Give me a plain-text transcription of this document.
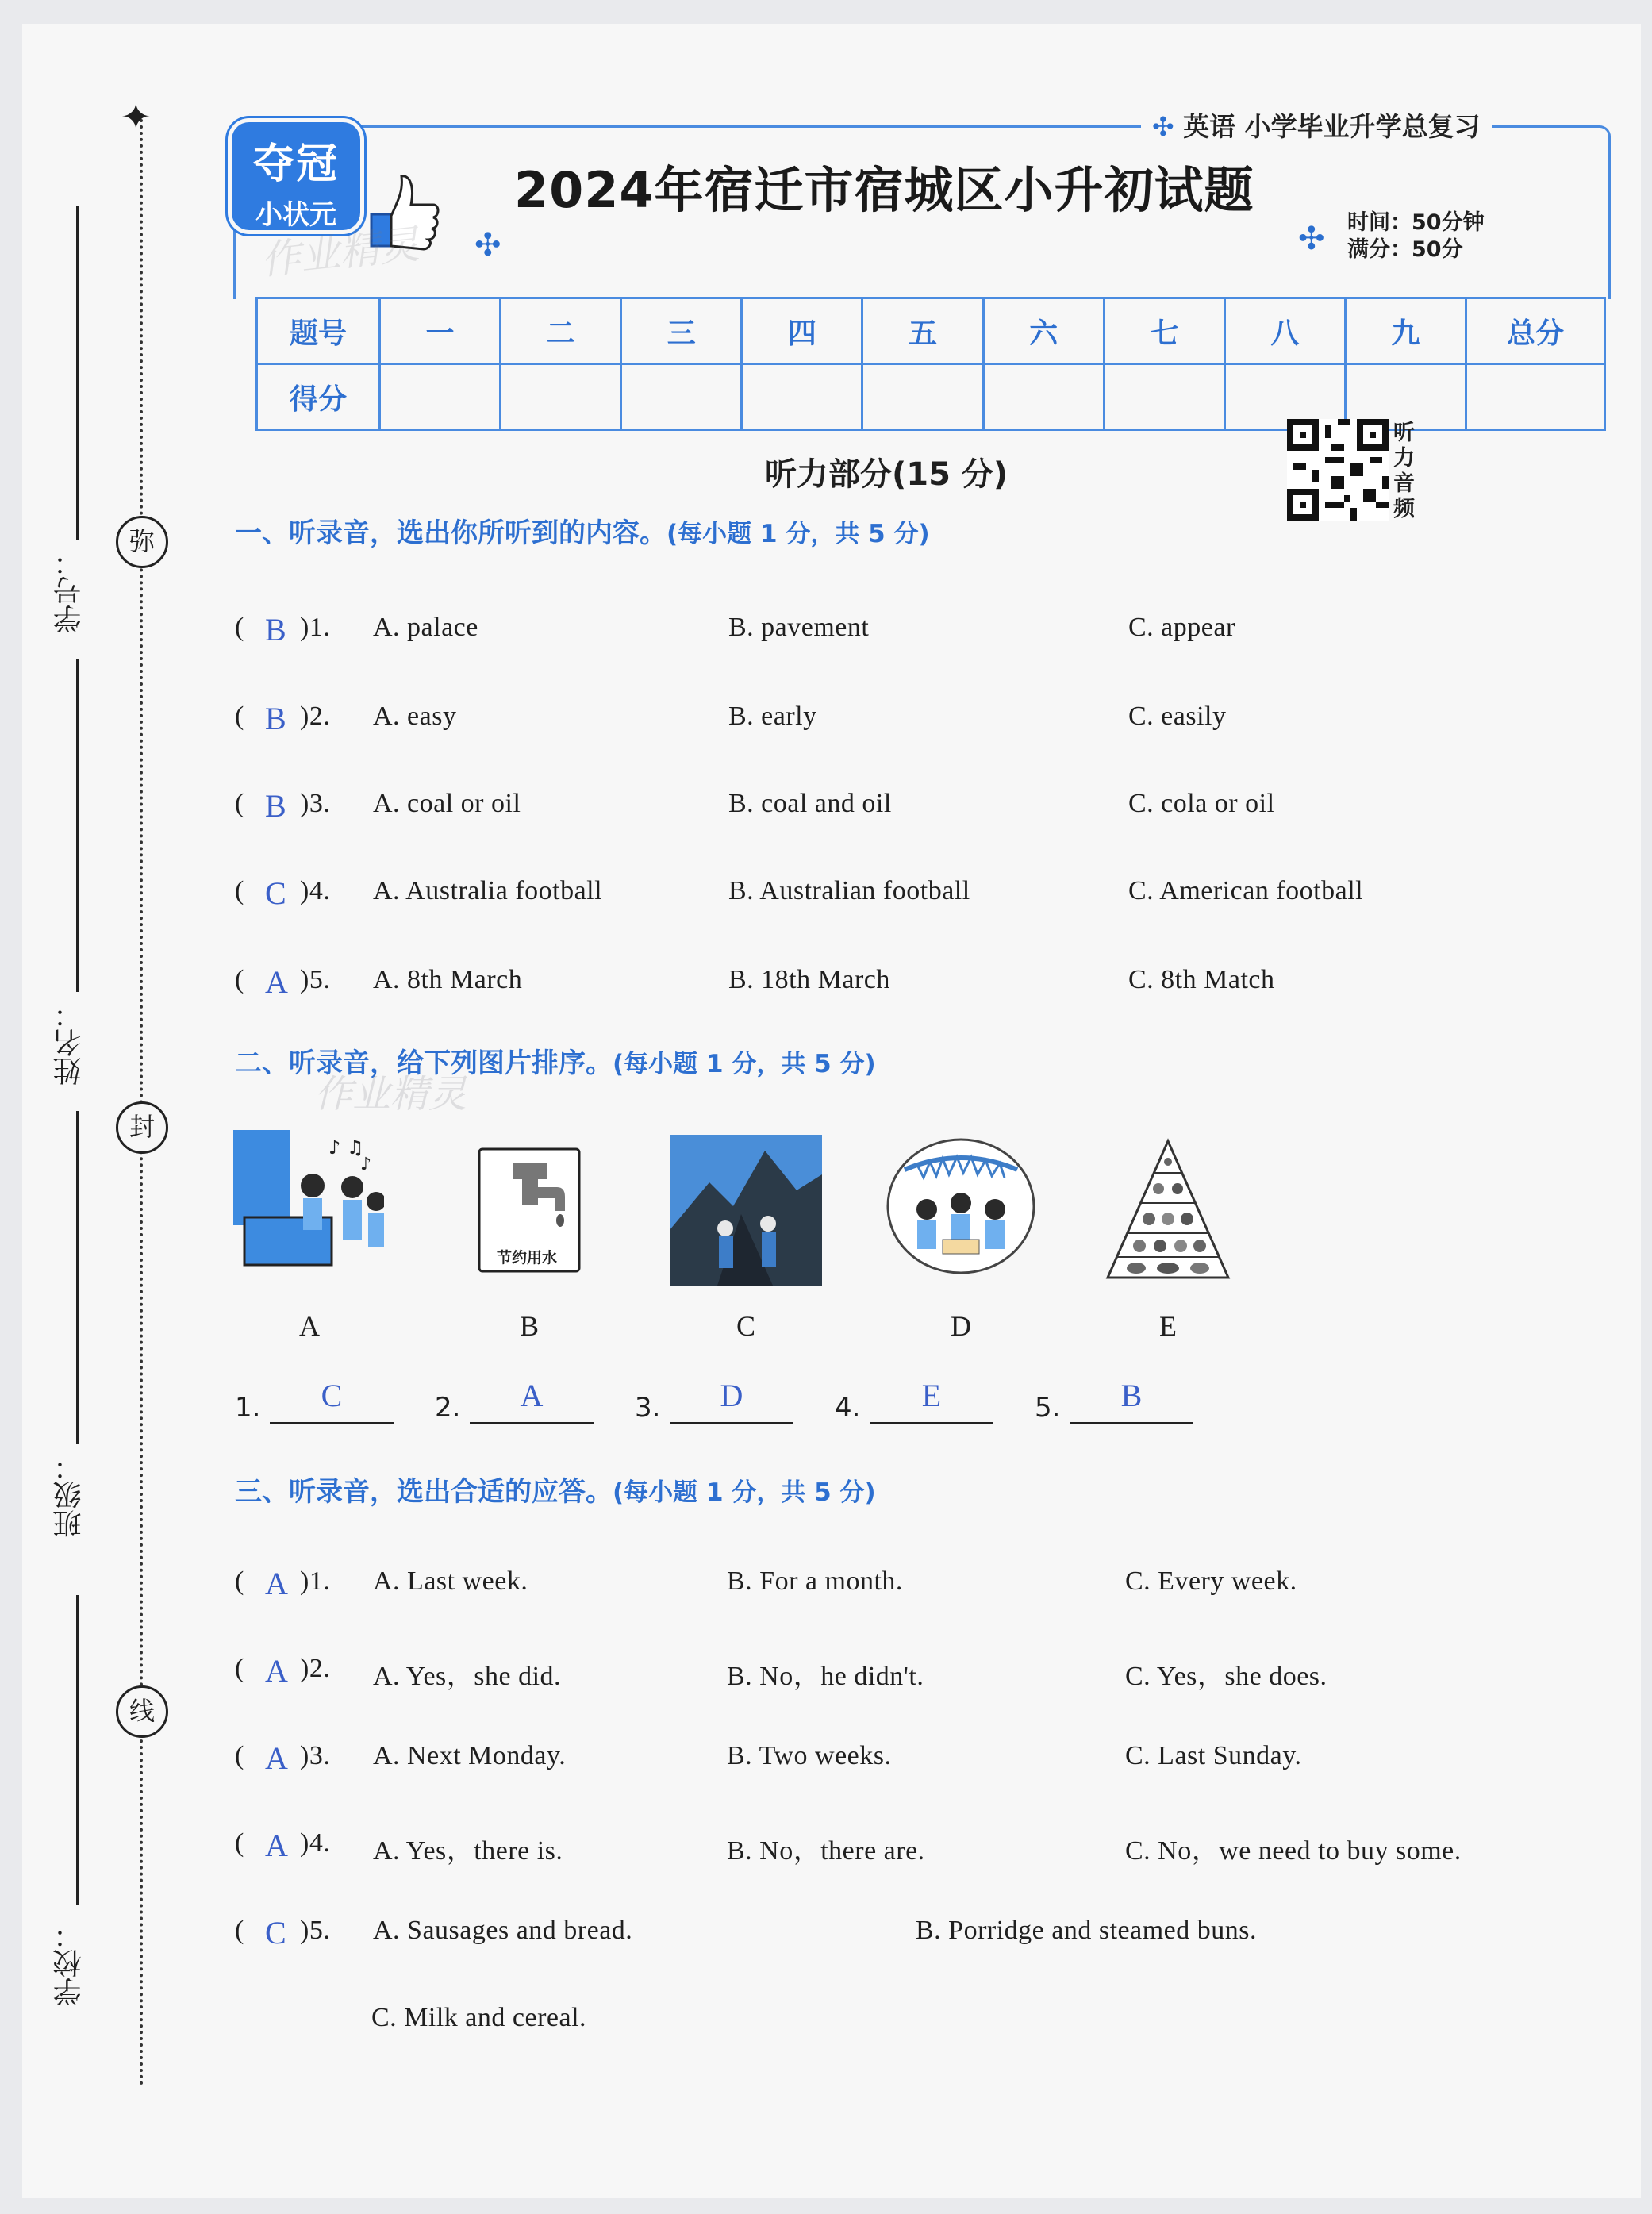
✦
弥
封
线
学号：
姓名：
班级：
学校：
✣ 英语 小学毕业升学总复习
夺冠
小状元
✣
2024年宿迁市宿城区小升初试题
✣ 时间：50分钟
满分：50分
作业精灵
题号	一	二	三	四	五	六	七	八	九	总分
得分										
听力部分(15 分)
听力音频
一、听录音，选出你所听到的内容。(每小题 1 分，共 5 分)
( B )1. A. palace	B. pavement	C. appear
( B )2. A. easy	B. early	C. easily
( B )3. A. coal or oil	B. coal and oil	C. cola or oil
( C )4. A. Australia football	B. Australian football	C. American football
( A )5. A. 8th March	B. 18th March	C. 8th Match
二、听录音，给下列图片排序。(每小题 1 分，共 5 分)
作业精灵
♪ ♫
♪
节约用水
A	B	C	D	E
1.	C	2.	A	3.	D	4.	E	5.	B
三、听录音，选出合适的应答。(每小题 1 分，共 5 分)
( A )1. A. Last week.	B. For a month.	C. Every week.
( A )2. A. Yes，she did.	B. No，he didn't.	C. Yes，she does.
( A )3. A. Next Monday.	B. Two weeks.	C. Last Sunday.
( A )4. A. Yes，there is.	B. No，there are.	C. No，we need to buy some.
( C )5. A. Sausages and bread.	B. Porridge and steamed buns.
C. Milk and cereal.
